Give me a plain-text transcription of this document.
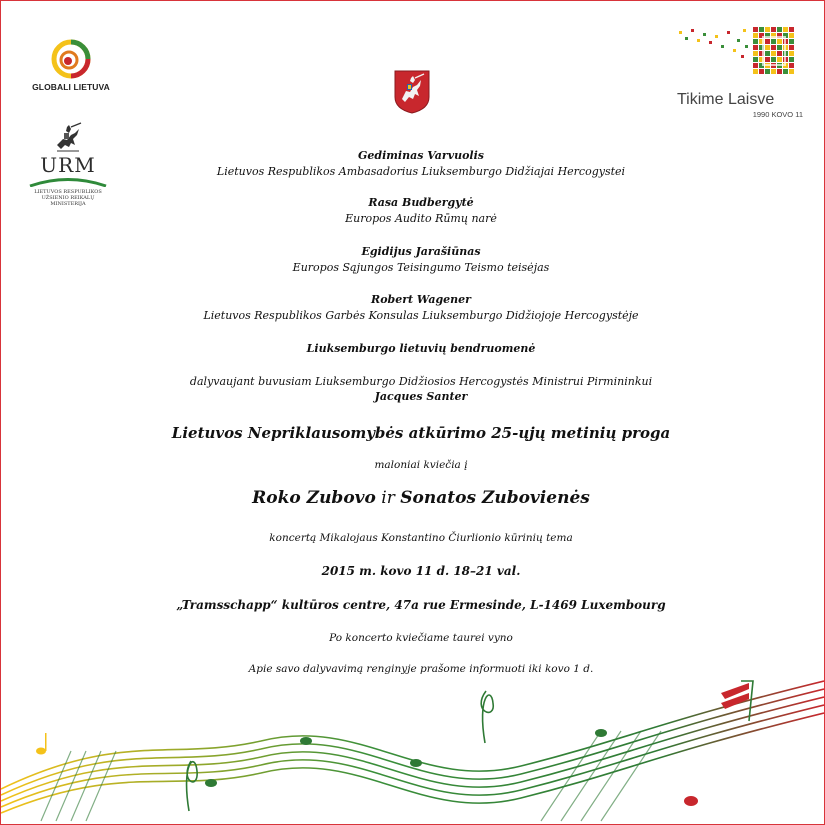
GLOBALI LIETUVA
URM
LIETUVOS RESPUBLIKOS
UŽSIENIO REIKALŲ
MINISTERIJA
Tikime Laisve
1990 KOVO 11
Gediminas Varvuolis
Lietuvos Respublikos Ambasadorius Liuksemburgo Didžiajai Hercogystei
Rasa Budbergytė
Europos Audito Rūmų narė
Egidijus Jarašiūnas
Europos Sąjungos Teisingumo Teismo teisėjas
Robert Wagener
Lietuvos Respublikos Garbės Konsulas Liuksemburgo Didžiojoje Hercogystėje
Liuksemburgo lietuvių bendruomenė
dalyvaujant buvusiam Liuksemburgo Didžiosios Hercogystės Ministrui Pirmininkui
Jacques Santer
Lietuvos Nepriklausomybės atkūrimo 25-ųjų metinių proga
maloniai kviečia į
Roko Zubovo ir Sonatos Zubovienės
koncertą Mikalojaus Konstantino Čiurlionio kūrinių tema
2015 m. kovo 11 d. 18–21 val.
„Tramsschapp“ kultūros centre, 47a rue Ermesinde, L-1469 Luxembourg
Po koncerto kviečiame taurei vyno
Apie savo dalyvavimą renginyje prašome informuoti iki kovo 1 d.
